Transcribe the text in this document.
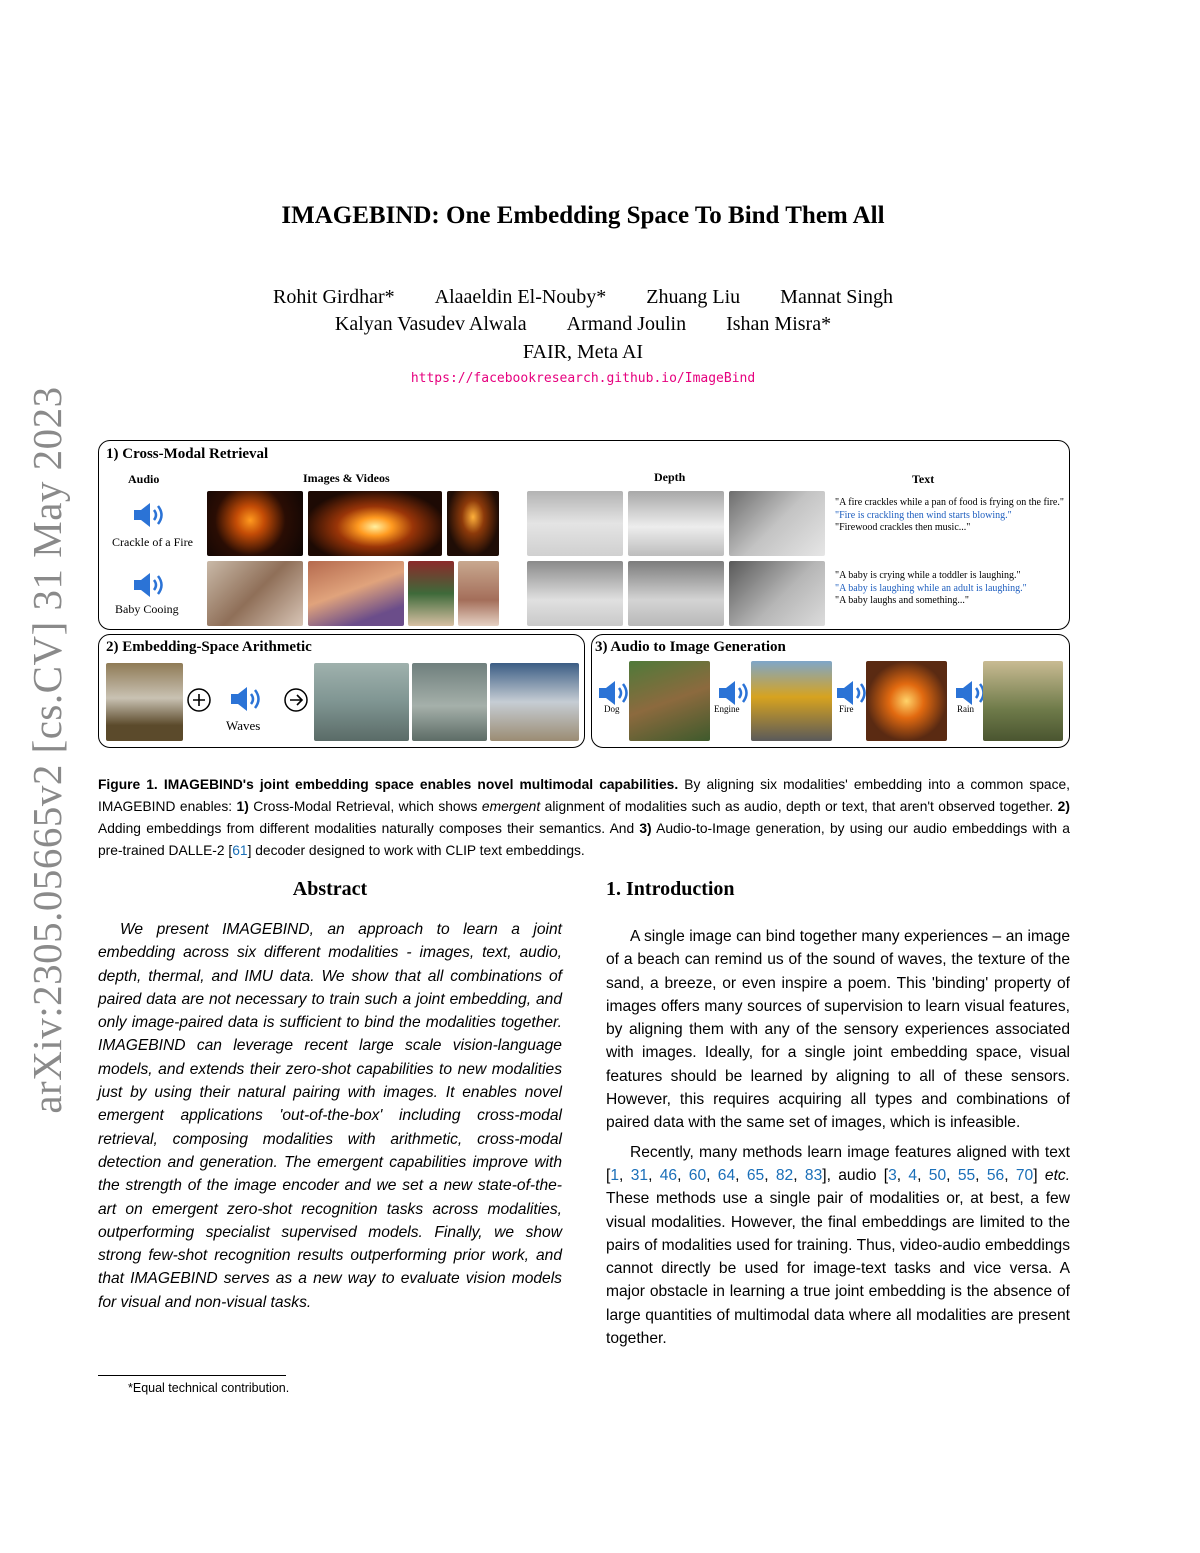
arXiv:2305.05665v2 [cs.CV] 31 May 2023
IMAGEBIND: One Embedding Space To Bind Them All
Rohit Girdhar*        Alaaeldin El-Nouby*        Zhuang Liu        Mannat Singh
Kalyan Vasudev Alwala        Armand Joulin        Ishan Misra*
FAIR, Meta AI
https://facebookresearch.github.io/ImageBind
1) Cross-Modal Retrieval
Audio	Images & Videos	Depth	Text
Crackle of a Fire
Baby Cooing
"A fire crackles while a pan of food is frying on the fire."
"Fire is crackling then wind starts blowing."
"Firewood crackles then music..."
"A baby is crying while a toddler is laughing."
"A baby is laughing while an adult is laughing."
"A baby laughs and something..."
2) Embedding-Space Arithmetic
Waves
3) Audio to Image Generation
Dog	Engine	Fire	Rain
Figure 1. IMAGEBIND's joint embedding space enables novel multimodal capabilities. By aligning six modalities' embedding into a common space, IMAGEBIND enables: 1) Cross-Modal Retrieval, which shows emergent alignment of modalities such as audio, depth or text, that aren't observed together. 2) Adding embeddings from different modalities naturally composes their semantics. And 3) Audio-to-Image generation, by using our audio embeddings with a pre-trained DALLE-2 [61] decoder designed to work with CLIP text embeddings.
Abstract
We present IMAGEBIND, an approach to learn a joint embedding across six different modalities - images, text, audio, depth, thermal, and IMU data. We show that all combinations of paired data are not necessary to train such a joint embedding, and only image-paired data is sufficient to bind the modalities together. IMAGEBIND can leverage recent large scale vision-language models, and extends their zero-shot capabilities to new modalities just by using their natural pairing with images. It enables novel emergent applications 'out-of-the-box' including cross-modal retrieval, composing modalities with arithmetic, cross-modal detection and generation. The emergent capabilities improve with the strength of the image encoder and we set a new state-of-the-art on emergent zero-shot recognition tasks across modalities, outperforming specialist supervised models. Finally, we show strong few-shot recognition results outperforming prior work, and that IMAGEBIND serves as a new way to evaluate vision models for visual and non-visual tasks.
1. Introduction

A single image can bind together many experiences – an image of a beach can remind us of the sound of waves, the texture of the sand, a breeze, or even inspire a poem. This 'binding' property of images offers many sources of supervision to learn visual features, by aligning them with any of the sensory experiences associated with images. Ideally, for a single joint embedding space, visual features should be learned by aligning to all of these sensors. However, this requires acquiring all types and combinations of paired data with the same set of images, which is infeasible.

Recently, many methods learn image features aligned with text [1, 31, 46, 60, 64, 65, 82, 83], audio [3, 4, 50, 55, 56, 70] etc. These methods use a single pair of modalities or, at best, a few visual modalities. However, the final embeddings are limited to the pairs of modalities used for training. Thus, video-audio embeddings cannot directly be used for image-text tasks and vice versa. A major obstacle in learning a true joint embedding is the absence of large quantities of multimodal data where all modalities are present together.

*Equal technical contribution.
